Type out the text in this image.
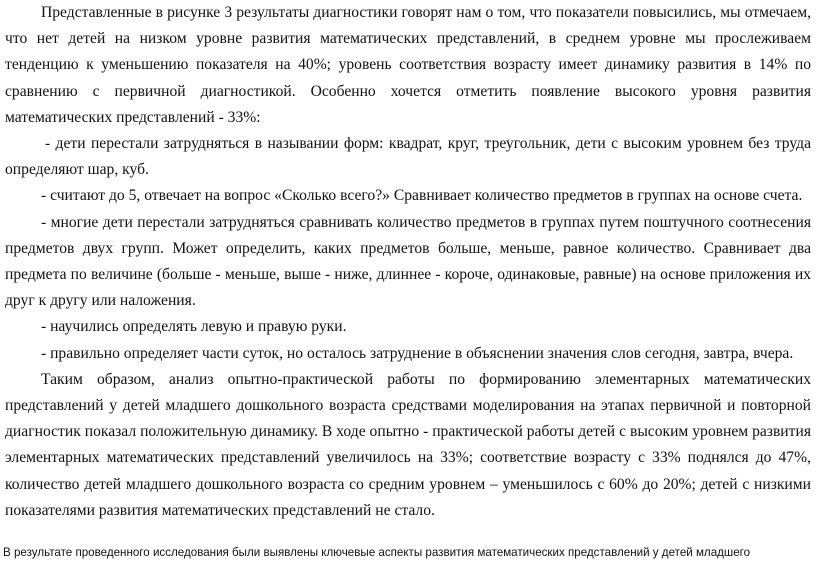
Представленные в рисунке 3 результаты диагностики говорят нам о том, что показатели повысились, мы отмечаем, что нет детей на низком уровне развития математических представлений, в среднем уровне мы прослеживаем тенденцию к уменьшению показателя на 40%; уровень соответствия возрасту имеет динамику развития в 14% по сравнению с первичной диагностикой. Особенно хочется отметить появление высокого уровня развития математических представлений - 33%:

- дети перестали затрудняться в назывании форм: квадрат, круг, треугольник, дети с высоким уровнем без труда определяют шар, куб.

- считают до 5, отвечает на вопрос «Сколько всего?» Сравнивает количество предметов в группах на основе счета.

- многие дети перестали затрудняться сравнивать количество предметов в группах путем поштучного соотнесения предметов двух групп. Может определить, каких предметов больше, меньше, равное количество. Сравнивает два предмета по величине (больше - меньше, выше - ниже, длиннее - короче, одинаковые, равные) на основе приложения их друг к другу или наложения.

- научились определять левую и правую руки.

- правильно определяет части суток, но осталось затруднение в объяснении значения слов сегодня, завтра, вчера.

Таким образом, анализ опытно-практической работы по формированию элементарных математических представлений у детей младшего дошкольного возраста средствами моделирования на этапах первичной и повторной диагностик показал положительную динамику. В ходе опытно - практической работы детей с высоким уровнем развития элементарных математических представлений увеличилось на 33%; соответствие возрасту с 33% поднялся до 47%, количество детей младшего дошкольного возраста со средним уровнем – уменьшилось с 60% до 20%; детей с низкими показателями развития математических представлений не стало.

В результате проведенного исследования были выявлены ключевые аспекты развития математических представлений у детей младшего
